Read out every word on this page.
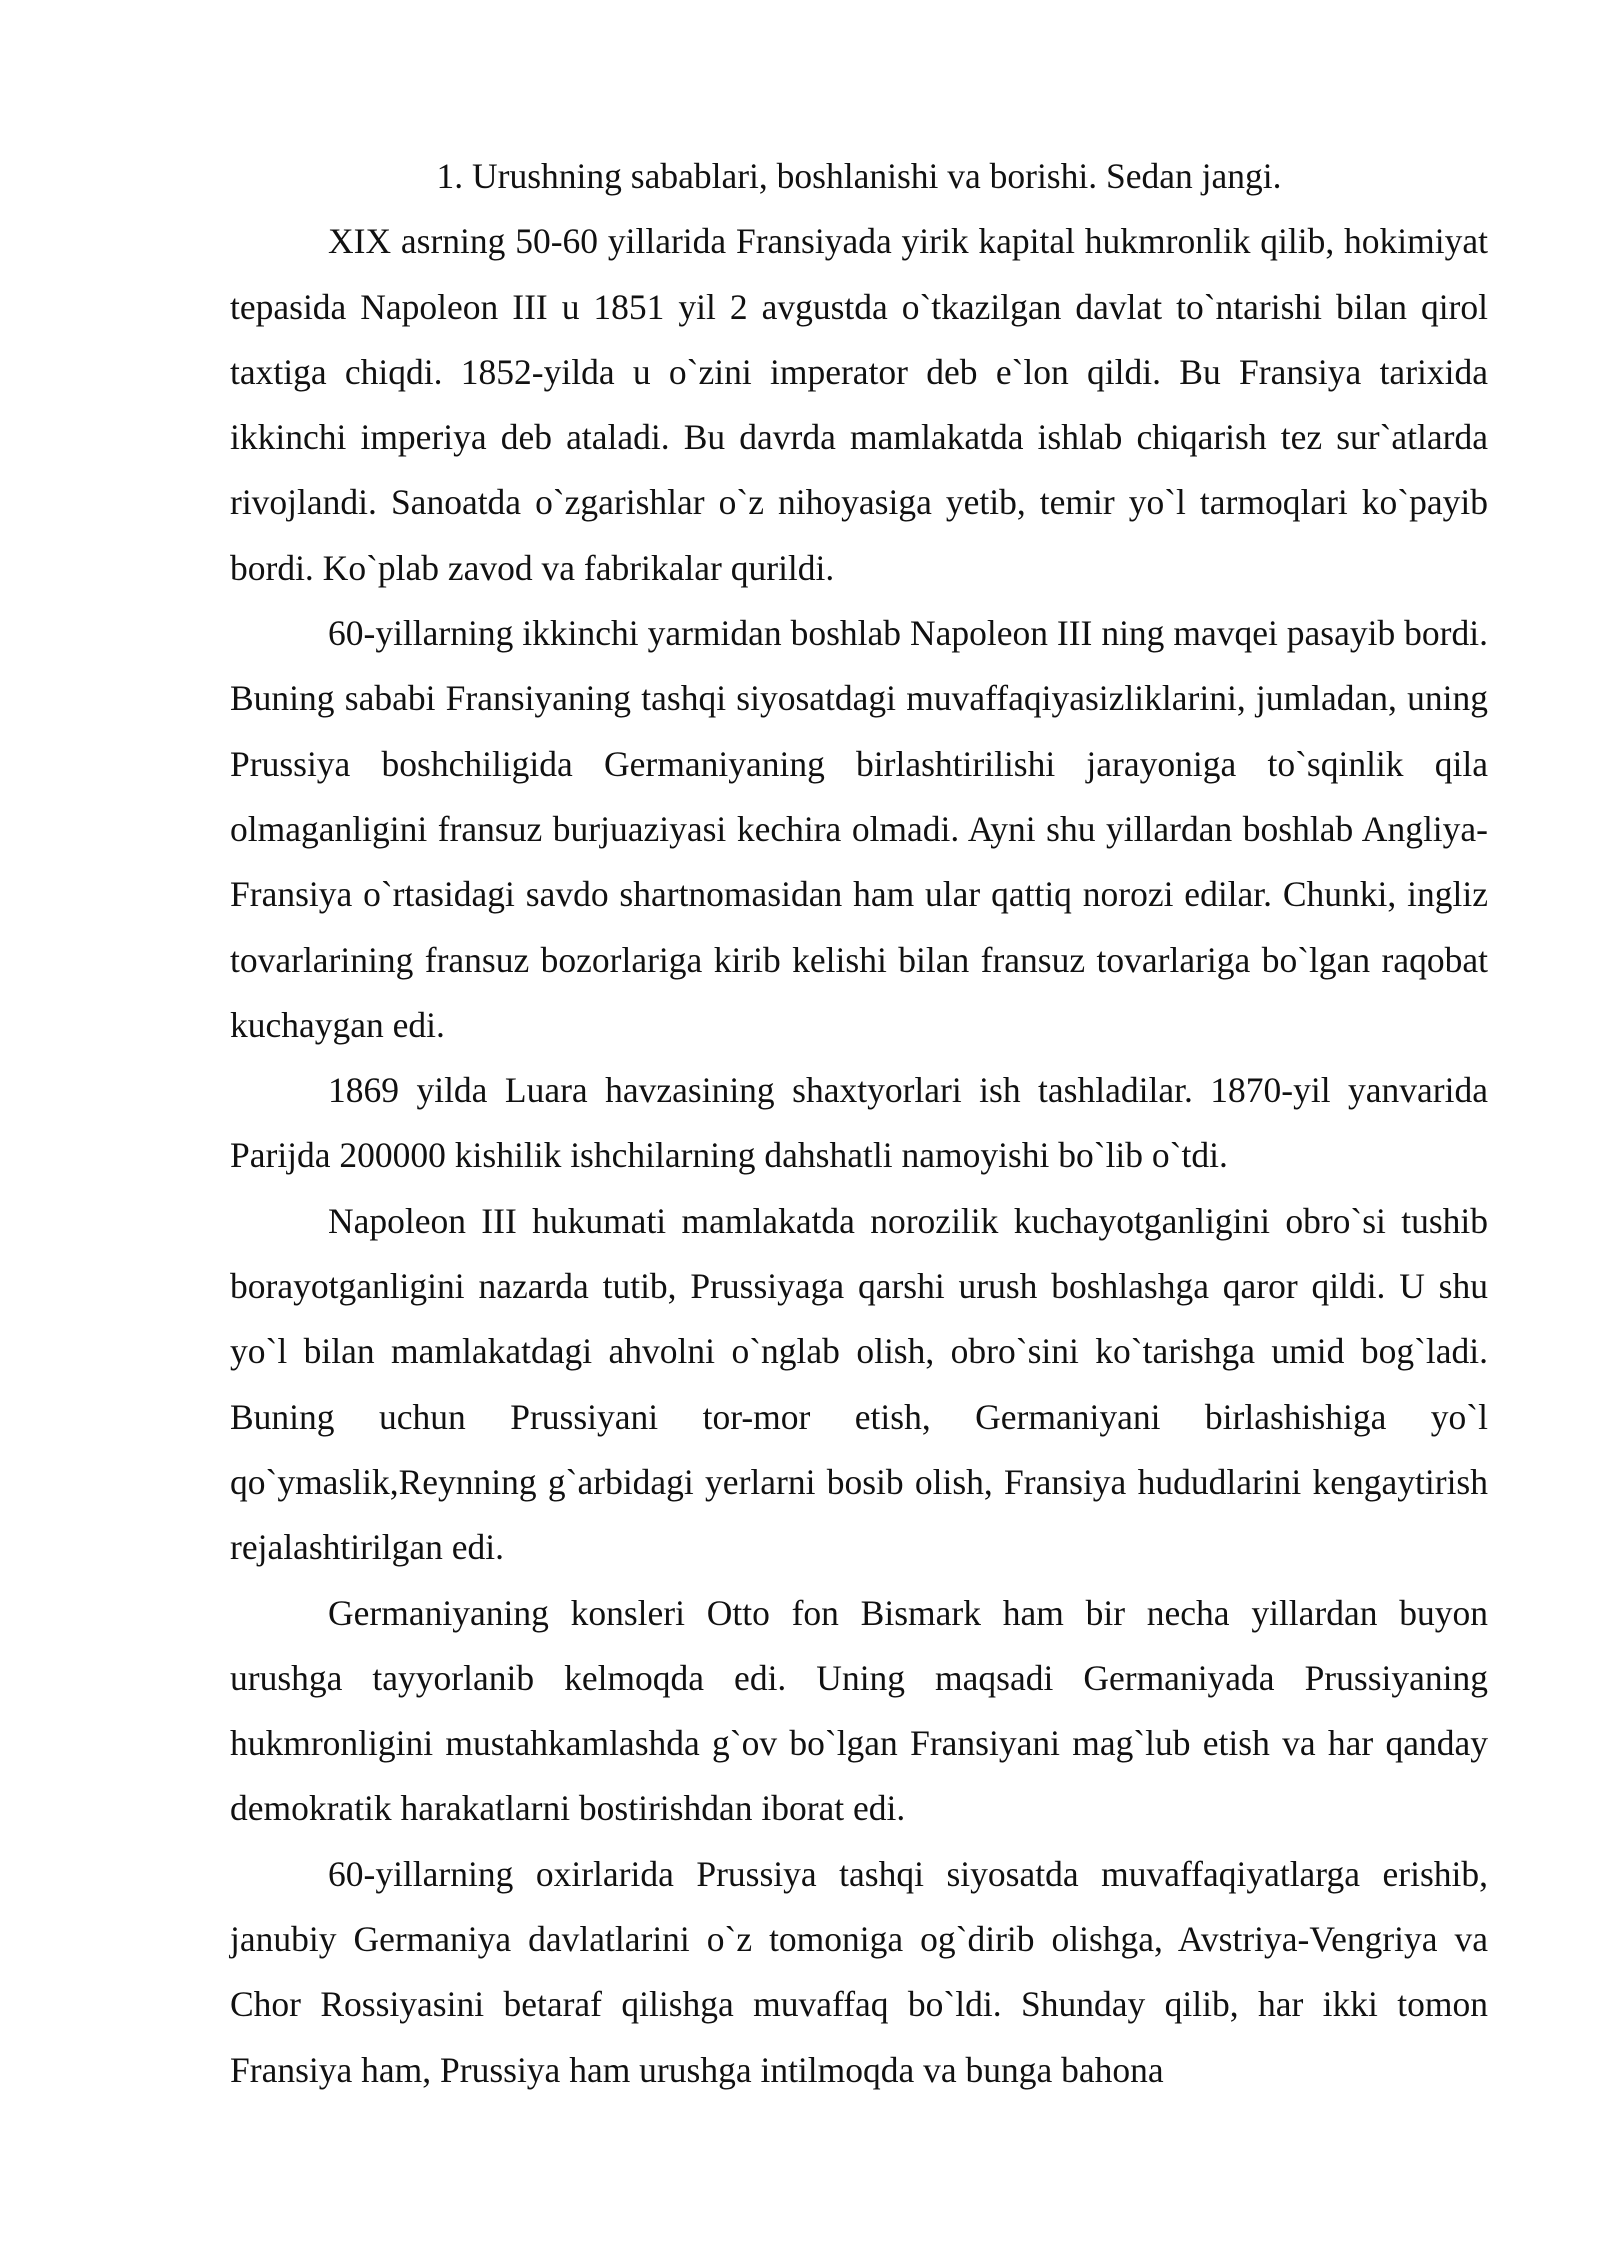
1. Urushning sabablari, boshlanishi va borishi. Sedan jangi.

XIX asrning 50-60 yillarida Fransiyada yirik kapital hukmronlik qilib, hokimiyat tepasida Napoleon III u 1851 yil 2 avgustda o`tkazilgan davlat to`ntarishi bilan qirol taxtiga chiqdi. 1852-yilda u o`zini imperator deb e`lon qildi. Bu Fransiya tarixida ikkinchi imperiya deb ataladi. Bu davrda mamlakatda ishlab chiqarish tez sur`atlarda rivojlandi. Sanoatda o`zgarishlar o`z nihoyasiga yetib, temir yo`l tarmoqlari ko`payib bordi. Ko`plab zavod va fabrikalar qurildi.

60-yillarning ikkinchi yarmidan boshlab Napoleon III ning mavqei pasayib bordi. Buning sababi Fransiyaning tashqi siyosatdagi muvaffaqiyasizliklarini, jumladan, uning Prussiya boshchiligida Germaniyaning birlashtirilishi jarayoniga to`sqinlik qila olmaganligini fransuz burjuaziyasi kechira olmadi. Ayni shu yillardan boshlab Angliya-Fransiya o`rtasidagi savdo shartnomasidan ham ular qattiq norozi edilar. Chunki, ingliz tovarlarining fransuz bozorlariga kirib kelishi bilan fransuz tovarlariga bo`lgan raqobat kuchaygan edi.

1869 yilda Luara havzasining shaxtyorlari ish tashladilar. 1870-yil yanvarida Parijda 200000 kishilik ishchilarning dahshatli namoyishi bo`lib o`tdi.

Napoleon III hukumati mamlakatda norozilik kuchayotganligini obro`si tushib borayotganligini nazarda tutib, Prussiyaga qarshi urush boshlashga qaror qildi. U shu yo`l bilan mamlakatdagi ahvolni o`nglab olish, obro`sini ko`tarishga umid bog`ladi. Buning uchun Prussiyani tor-mor etish, Germaniyani birlashishiga yo`l qo`ymaslik,Reynning g`arbidagi yerlarni bosib olish, Fransiya hududlarini kengaytirish rejalashtirilgan edi.

Germaniyaning konsleri Otto fon Bismark ham bir necha yillardan buyon urushga tayyorlanib kelmoqda edi. Uning maqsadi Germaniyada Prussiyaning hukmronligini mustahkamlashda g`ov bo`lgan Fransiyani mag`lub etish va har qanday demokratik harakatlarni bostirishdan iborat edi.

60-yillarning oxirlarida Prussiya tashqi siyosatda muvaffaqiyatlarga erishib, janubiy Germaniya davlatlarini o`z tomoniga og`dirib olishga, Avstriya-Vengriya va Chor Rossiyasini betaraf qilishga muvaffaq bo`ldi. Shunday qilib, har ikki tomon Fransiya ham, Prussiya ham urushga intilmoqda va bunga bahona
